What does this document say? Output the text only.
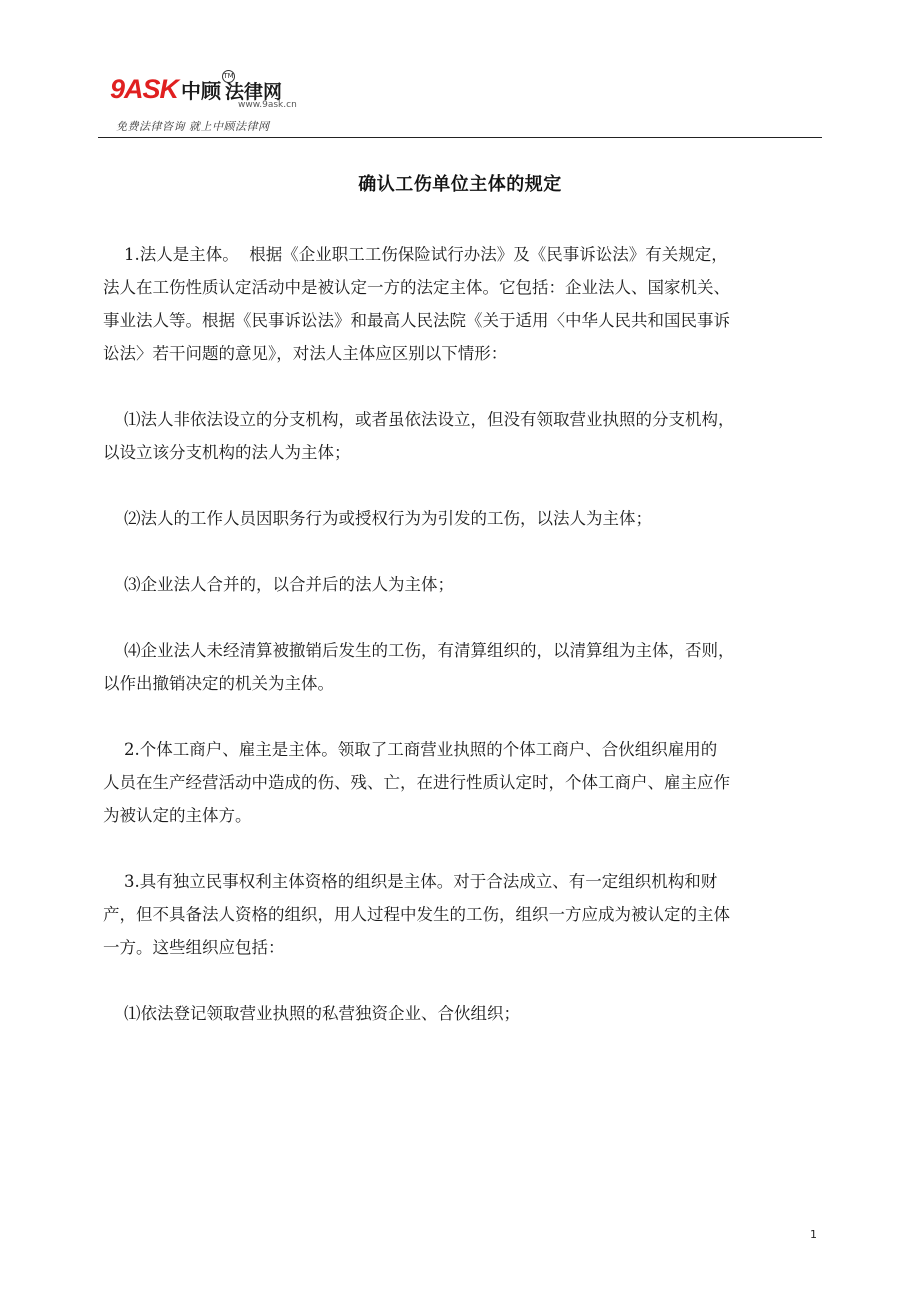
9ASK 中顾 法律网
TM
www.9ask.cn
免费法律咨询 就上中顾法律网
确认工伤单位主体的规定
1.法人是主体。  根据《企业职工工伤保险试行办法》及《民事诉讼法》有关规定，
法人在工伤性质认定活动中是被认定一方的法定主体。它包括：企业法人、国家机关、
事业法人等。根据《民事诉讼法》和最高人民法院《关于适用〈中华人民共和国民事诉
讼法〉若干问题的意见》，对法人主体应区别以下情形：
⑴法人非依法设立的分支机构，或者虽依法设立，但没有领取营业执照的分支机构，
以设立该分支机构的法人为主体；
⑵法人的工作人员因职务行为或授权行为为引发的工伤，以法人为主体；
⑶企业法人合并的，以合并后的法人为主体；
⑷企业法人未经清算被撤销后发生的工伤，有清算组织的，以清算组为主体，否则，
以作出撤销决定的机关为主体。
2.个体工商户、雇主是主体。领取了工商营业执照的个体工商户、合伙组织雇用的
人员在生产经营活动中造成的伤、残、亡，在进行性质认定时，个体工商户、雇主应作
为被认定的主体方。
3.具有独立民事权利主体资格的组织是主体。对于合法成立、有一定组织机构和财
产，但不具备法人资格的组织，用人过程中发生的工伤，组织一方应成为被认定的主体
一方。这些组织应包括：
⑴依法登记领取营业执照的私营独资企业、合伙组织；
1
